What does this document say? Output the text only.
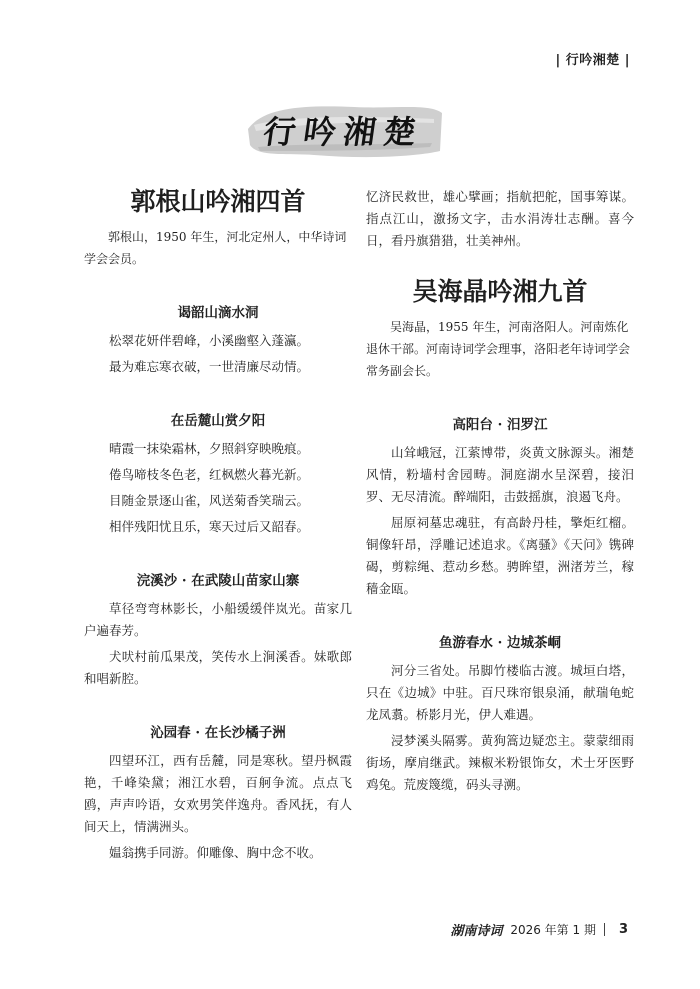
| 行吟湘楚 |
行吟湘楚
郭根山吟湘四首

郭根山，1950 年生，河北定州人，中华诗词学会会员。

谒韶山滴水洞

松翠花妍伴碧峰，小溪幽壑入蓬瀛。

最为难忘寒衣破，一世清廉尽动情。

在岳麓山赏夕阳

晴霞一抹染霜林，夕照斜穿映晚痕。

倦鸟啼枝冬色老，红枫燃火暮光新。

目随金景逐山雀，风送菊香笑瑞云。

相伴残阳忧且乐，寒天过后又韶春。

浣溪沙 · 在武陵山苗家山寨

草径弯弯林影长，小船缓缓伴岚光。苗家几户遍春芳。

犬吠村前瓜果茂，笑传水上涧溪香。妹歌郎和唱新腔。

沁园春 · 在长沙橘子洲

四望环江，西有岳麓，同是寒秋。望丹枫霞艳，千峰染黛；湘江水碧，百舸争流。点点飞鸥，声声吟语，女欢男笑伴逸舟。香风抚，有人间天上，情满洲头。

媪翁携手同游。仰雕像、胸中念不收。

忆济民救世，雄心擘画；指航把舵，国事筹谋。指点江山，激扬文字，击水涓涛壮志酬。喜今日，看丹旗猎猎，壮美神州。

吴海晶吟湘九首

吴海晶，1955 年生，河南洛阳人。河南炼化退休干部。河南诗词学会理事，洛阳老年诗词学会常务副会长。

高阳台 · 汨罗江

山耸峨冠，江萦博带，炎黄文脉源头。湘楚风情，粉墙村舍园畴。洞庭湖水呈深碧，接汨罗、无尽清流。醉端阳，击鼓摇旗，浪遏飞舟。

屈原祠墓忠魂驻，有高龄丹桂，擎炬红榴。铜像轩昂，浮雕记述追求。《离骚》《天问》镌碑碣，剪粽绳、惹动乡愁。骋眸望，洲渚芳兰，稼穑金瓯。

鱼游春水 · 边城茶峒

河分三省处。吊脚竹楼临古渡。城垣白塔，只在《边城》中驻。百尺珠帘银泉涌，献瑞龟蛇龙凤翥。桥影月光，伊人难遇。

浸梦溪头隔雾。黄狗篙边疑恋主。蒙蒙细雨街场，摩肩继武。辣椒米粉银饰女，术士牙医野鸡兔。荒废篾缆，码头寻溯。

湖南诗词 2026 年第 1 期 3
